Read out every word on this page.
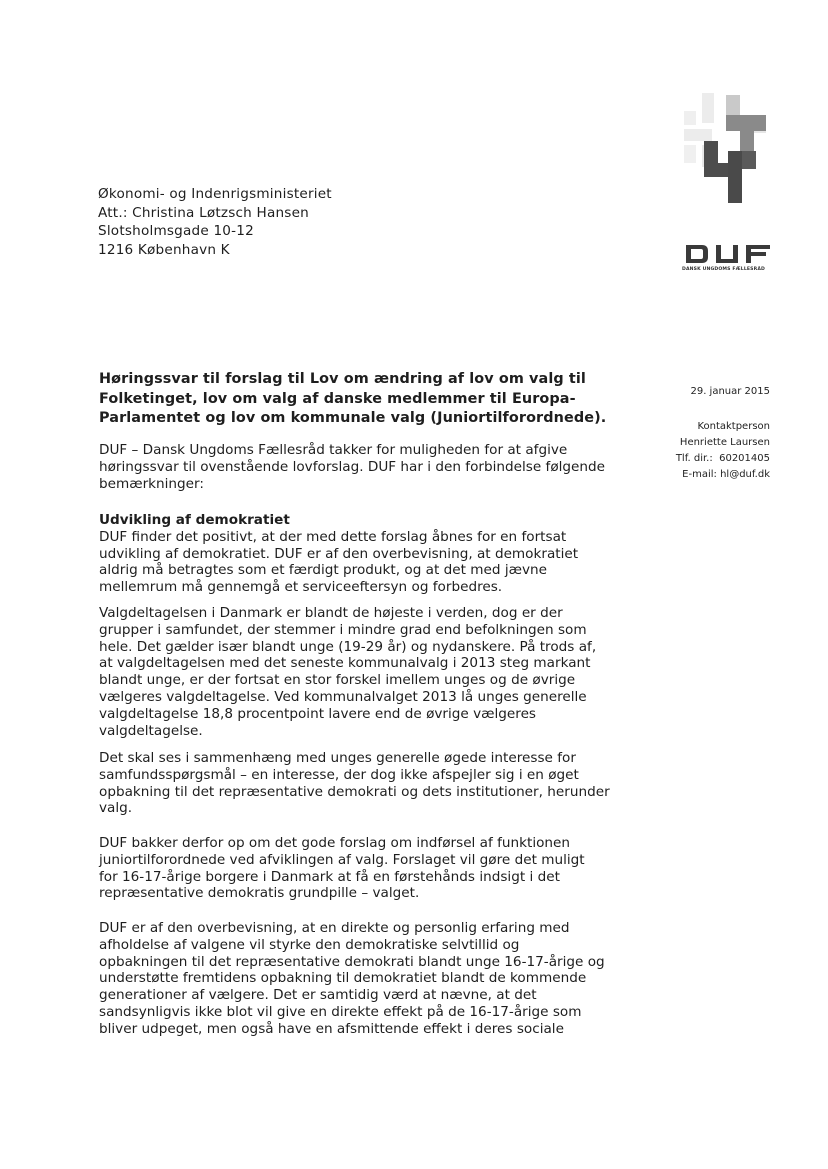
Økonomi- og Indenrigsministeriet
Att.: Christina Løtzsch Hansen
Slotsholmsgade 10-12
1216 København K
DANSK UNGDOMS FÆLLESRÅD
29. januar 2015
Kontaktperson
Henriette Laursen
Tlf. dir.: 60201405
E-mail: hl@duf.dk
Høringssvar til forslag til Lov om ændring af lov om valg til
Folketinget, lov om valg af danske medlemmer til Europa-
Parlamentet og lov om kommunale valg (Juniortilforordnede).
DUF – Dansk Ungdoms Fællesråd takker for muligheden for at afgive
høringssvar til ovenstående lovforslag. DUF har i den forbindelse følgende
bemærkninger:
Udvikling af demokratiet
DUF finder det positivt, at der med dette forslag åbnes for en fortsat
udvikling af demokratiet. DUF er af den overbevisning, at demokratiet
aldrig må betragtes som et færdigt produkt, og at det med jævne
mellemrum må gennemgå et serviceeftersyn og forbedres.
Valgdeltagelsen i Danmark er blandt de højeste i verden, dog er der
grupper i samfundet, der stemmer i mindre grad end befolkningen som
hele. Det gælder især blandt unge (19-29 år) og nydanskere. På trods af,
at valgdeltagelsen med det seneste kommunalvalg i 2013 steg markant
blandt unge, er der fortsat en stor forskel imellem unges og de øvrige
vælgeres valgdeltagelse. Ved kommunalvalget 2013 lå unges generelle
valgdeltagelse 18,8 procentpoint lavere end de øvrige vælgeres
valgdeltagelse.
Det skal ses i sammenhæng med unges generelle øgede interesse for
samfundsspørgsmål – en interesse, der dog ikke afspejler sig i en øget
opbakning til det repræsentative demokrati og dets institutioner, herunder
valg.
DUF bakker derfor op om det gode forslag om indførsel af funktionen
juniortilforordnede ved afviklingen af valg. Forslaget vil gøre det muligt
for 16-17-årige borgere i Danmark at få en førstehånds indsigt i det
repræsentative demokratis grundpille – valget.
DUF er af den overbevisning, at en direkte og personlig erfaring med
afholdelse af valgene vil styrke den demokratiske selvtillid og
opbakningen til det repræsentative demokrati blandt unge 16-17-årige og
understøtte fremtidens opbakning til demokratiet blandt de kommende
generationer af vælgere. Det er samtidig værd at nævne, at det
sandsynligvis ikke blot vil give en direkte effekt på de 16-17-årige som
bliver udpeget, men også have en afsmittende effekt i deres sociale
